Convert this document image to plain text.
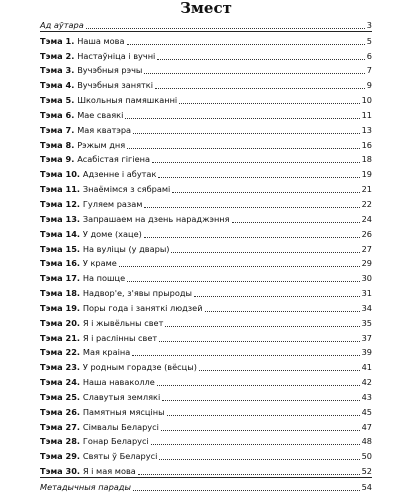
Змест
Ад аўтара	3
Тэма 1. Наша мова	5
Тэма 2. Настаўніца і вучні	6
Тэма 3. Вучэбныя рэчы	7
Тэма 4. Вучэбныя заняткі	9
Тэма 5. Школьныя памяшканні	10
Тэма 6. Мае сваякі	11
Тэма 7. Мая кватэра	13
Тэма 8. Рэжым дня	16
Тэма 9. Асабістая гігіена	18
Тэма 10. Адзенне і абутак	19
Тэма 11. Знаёмімся з сябрамі	21
Тэма 12. Гуляем разам	22
Тэма 13. Запрашаем на дзень нараджэння	24
Тэма 14. У доме (хаце)	26
Тэма 15. На вуліцы (у двары)	27
Тэма 16. У краме	29
Тэма 17. На пошце	30
Тэма 18. Надвор'е, з'явы прыроды	31
Тэма 19. Поры года і заняткі людзей	34
Тэма 20. Я і жывёльны свет	35
Тэма 21. Я і раслінны свет	37
Тэма 22. Мая краіна	39
Тэма 23. У родным горадзе (вёсцы)	41
Тэма 24. Наша наваколле	42
Тэма 25. Славутыя землякі	43
Тэма 26. Памятныя мясціны	45
Тэма 27. Сімвалы Беларусі	47
Тэма 28. Гонар Беларусі	48
Тэма 29. Святы ў Беларусі	50
Тэма 30. Я і мая мова	52
Метадычныя парады	54
